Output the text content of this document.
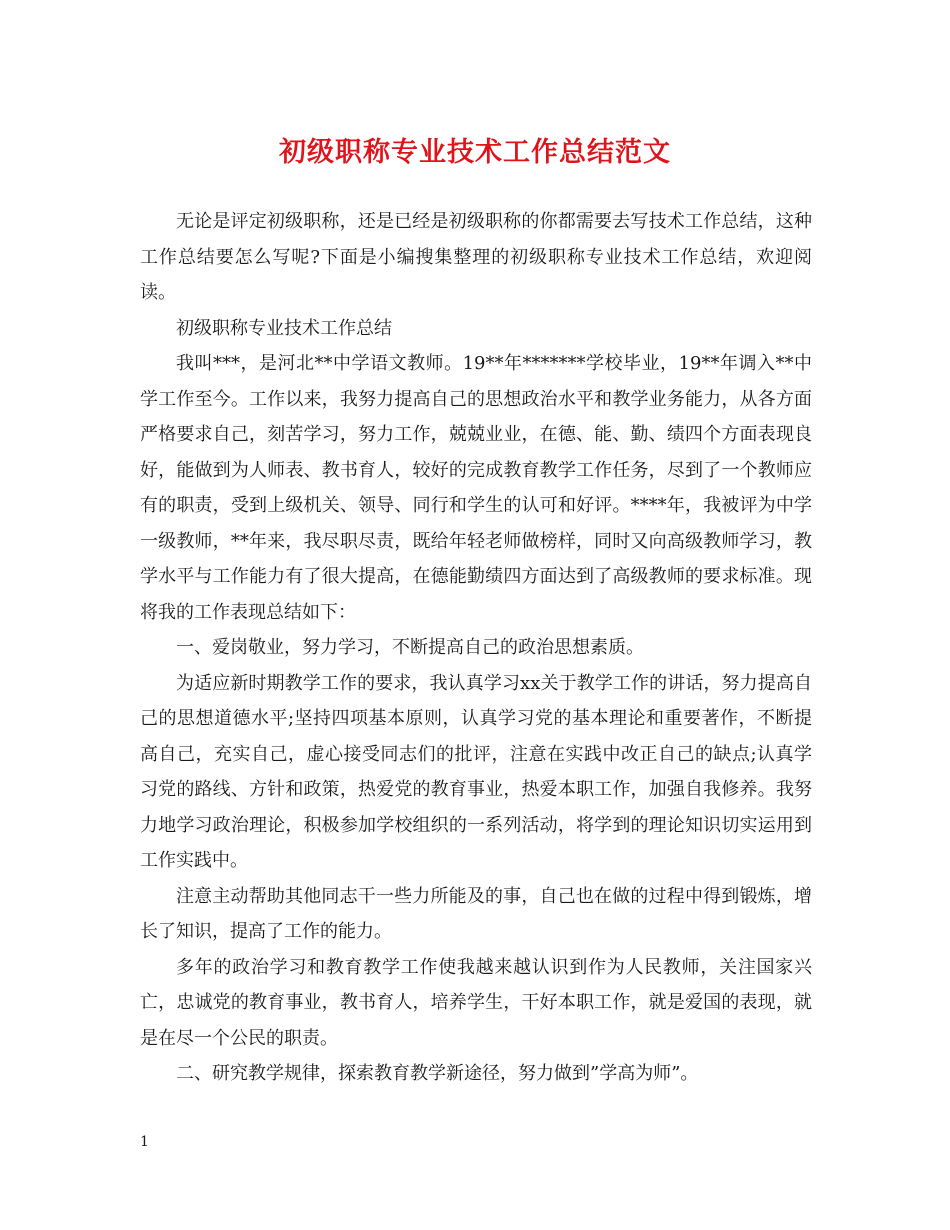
初级职称专业技术工作总结范文

无论是评定初级职称，还是已经是初级职称的你都需要去写技术工作总结，这种工作总结要怎么写呢?下面是小编搜集整理的初级职称专业技术工作总结，欢迎阅读。

初级职称专业技术工作总结

我叫***，是河北**中学语文教师。19**年*******学校毕业，19**年调入**中学工作至今。工作以来，我努力提高自己的思想政治水平和教学业务能力，从各方面严格要求自己，刻苦学习，努力工作，兢兢业业，在德、能、勤、绩四个方面表现良好，能做到为人师表、教书育人，较好的完成教育教学工作任务，尽到了一个教师应有的职责，受到上级机关、领导、同行和学生的认可和好评。****年，我被评为中学一级教师，**年来，我尽职尽责，既给年轻老师做榜样，同时又向高级教师学习，教学水平与工作能力有了很大提高，在德能勤绩四方面达到了高级教师的要求标准。现将我的工作表现总结如下：

一、爱岗敬业，努力学习，不断提高自己的政治思想素质。

为适应新时期教学工作的要求，我认真学习xx关于教学工作的讲话，努力提高自己的思想道德水平;坚持四项基本原则，认真学习党的基本理论和重要著作，不断提高自己，充实自己，虚心接受同志们的批评，注意在实践中改正自己的缺点;认真学习党的路线、方针和政策，热爱党的教育事业，热爱本职工作，加强自我修养。我努力地学习政治理论，积极参加学校组织的一系列活动，将学到的理论知识切实运用到工作实践中。

注意主动帮助其他同志干一些力所能及的事，自己也在做的过程中得到锻炼，增长了知识，提高了工作的能力。

多年的政治学习和教育教学工作使我越来越认识到作为人民教师，关注国家兴亡，忠诚党的教育事业，教书育人，培养学生，干好本职工作，就是爱国的表现，就是在尽一个公民的职责。

二、研究教学规律，探索教育教学新途径，努力做到”学高为师”。

1
